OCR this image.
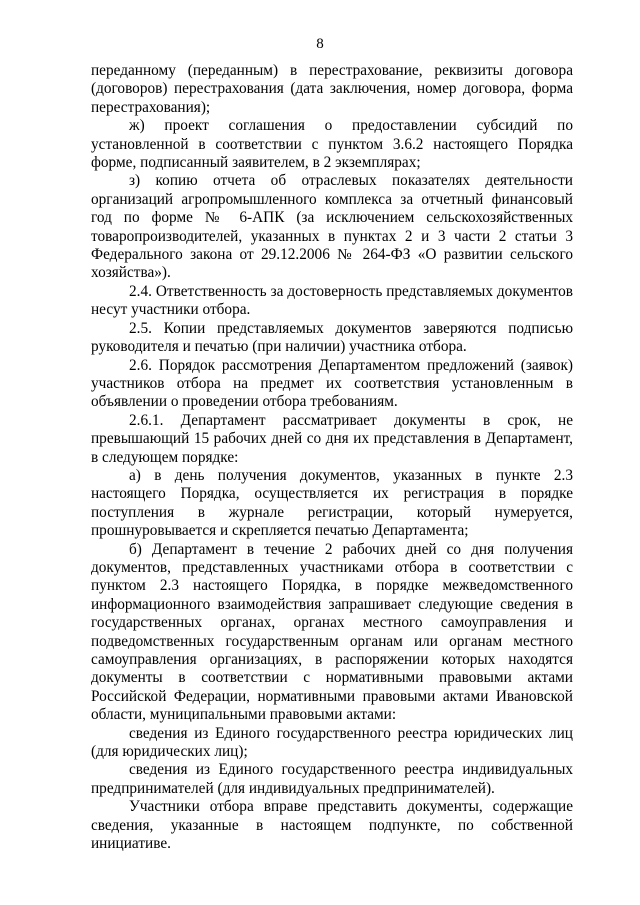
8

переданному (переданным) в перестрахование, реквизиты договора (договоров) перестрахования (дата заключения, номер договора, форма перестрахования);

ж) проект соглашения о предоставлении субсидий по установленной в соответствии с пунктом 3.6.2 настоящего Порядка форме, подписанный заявителем, в 2 экземплярах;

з) копию отчета об отраслевых показателях деятельности организаций агропромышленного комплекса за отчетный финансовый год по форме № 6-АПК (за исключением сельскохозяйственных товаропроизводителей, указанных в пунктах 2 и 3 части 2 статьи 3 Федерального закона от 29.12.2006 № 264-ФЗ «О развитии сельского хозяйства»).

2.4. Ответственность за достоверность представляемых документов несут участники отбора.

2.5. Копии представляемых документов заверяются подписью руководителя и печатью (при наличии) участника отбора.

2.6. Порядок рассмотрения Департаментом предложений (заявок) участников отбора на предмет их соответствия установленным в объявлении о проведении отбора требованиям.

2.6.1. Департамент рассматривает документы в срок, не превышающий 15 рабочих дней со дня их представления в Департамент, в следующем порядке:

а) в день получения документов, указанных в пункте 2.3 настоящего Порядка, осуществляется их регистрация в порядке поступления в журнале регистрации, который нумеруется, прошнуровывается и скрепляется печатью Департамента;

б) Департамент в течение 2 рабочих дней со дня получения документов, представленных участниками отбора в соответствии с пунктом 2.3 настоящего Порядка, в порядке межведомственного информационного взаимодействия запрашивает следующие сведения в государственных органах, органах местного самоуправления и подведомственных государственным органам или органам местного самоуправления организациях, в распоряжении которых находятся документы в соответствии с нормативными правовыми актами Российской Федерации, нормативными правовыми актами Ивановской области, муниципальными правовыми актами:

сведения из Единого государственного реестра юридических лиц (для юридических лиц);

сведения из Единого государственного реестра индивидуальных предпринимателей (для индивидуальных предпринимателей).

Участники отбора вправе представить документы, содержащие сведения, указанные в настоящем подпункте, по собственной инициативе.
